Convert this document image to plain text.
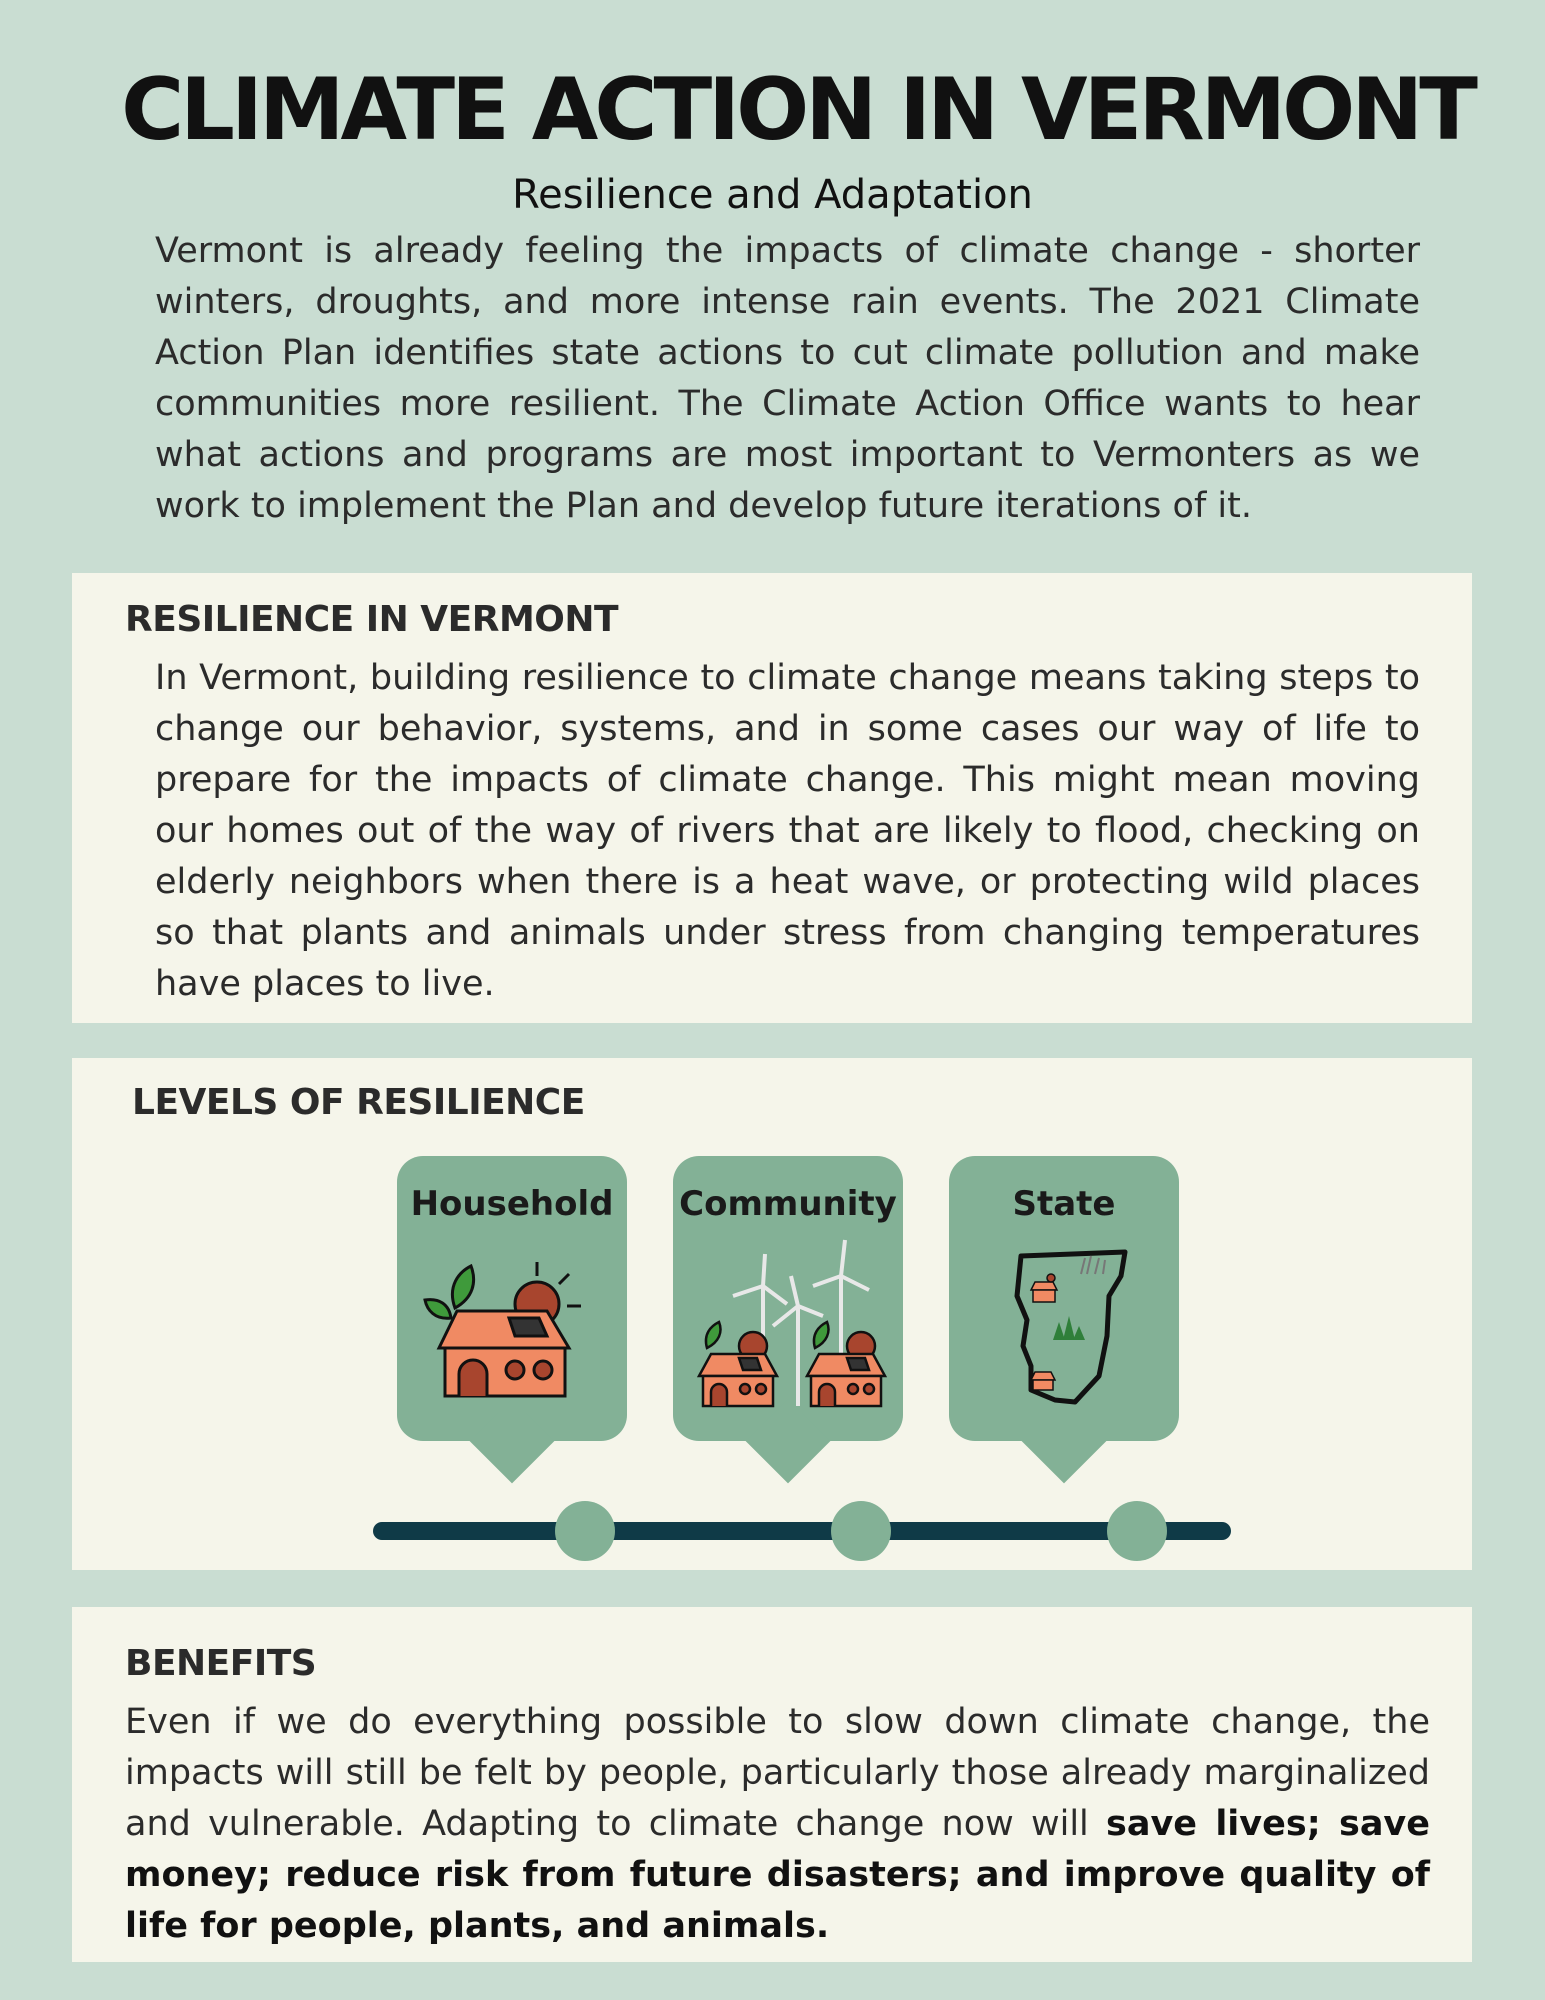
CLIMATE ACTION IN VERMONT
Resilience and Adaptation

Vermont is already feeling the impacts of climate change - shorter winters, droughts, and more intense rain events. The 2021 Climate Action Plan identifies state actions to cut climate pollution and make communities more resilient. The Climate Action Office wants to hear what actions and programs are most important to Vermonters as we work to implement the Plan and develop future iterations of it.

RESILIENCE IN VERMONT

In Vermont, building resilience to climate change means taking steps to change our behavior, systems, and in some cases our way of life to prepare for the impacts of climate change. This might mean moving our homes out of the way of rivers that are likely to flood, checking on elderly neighbors when there is a heat wave, or protecting wild places so that plants and animals under stress from changing temperatures have places to live.

LEVELS OF RESILIENCE
Household	Community	State
BENEFITS

Even if we do everything possible to slow down climate change, the impacts will still be felt by people, particularly those already marginalized and vulnerable. Adapting to climate change now will save lives; save money; reduce risk from future disasters; and improve quality of life for people, plants, and animals.
